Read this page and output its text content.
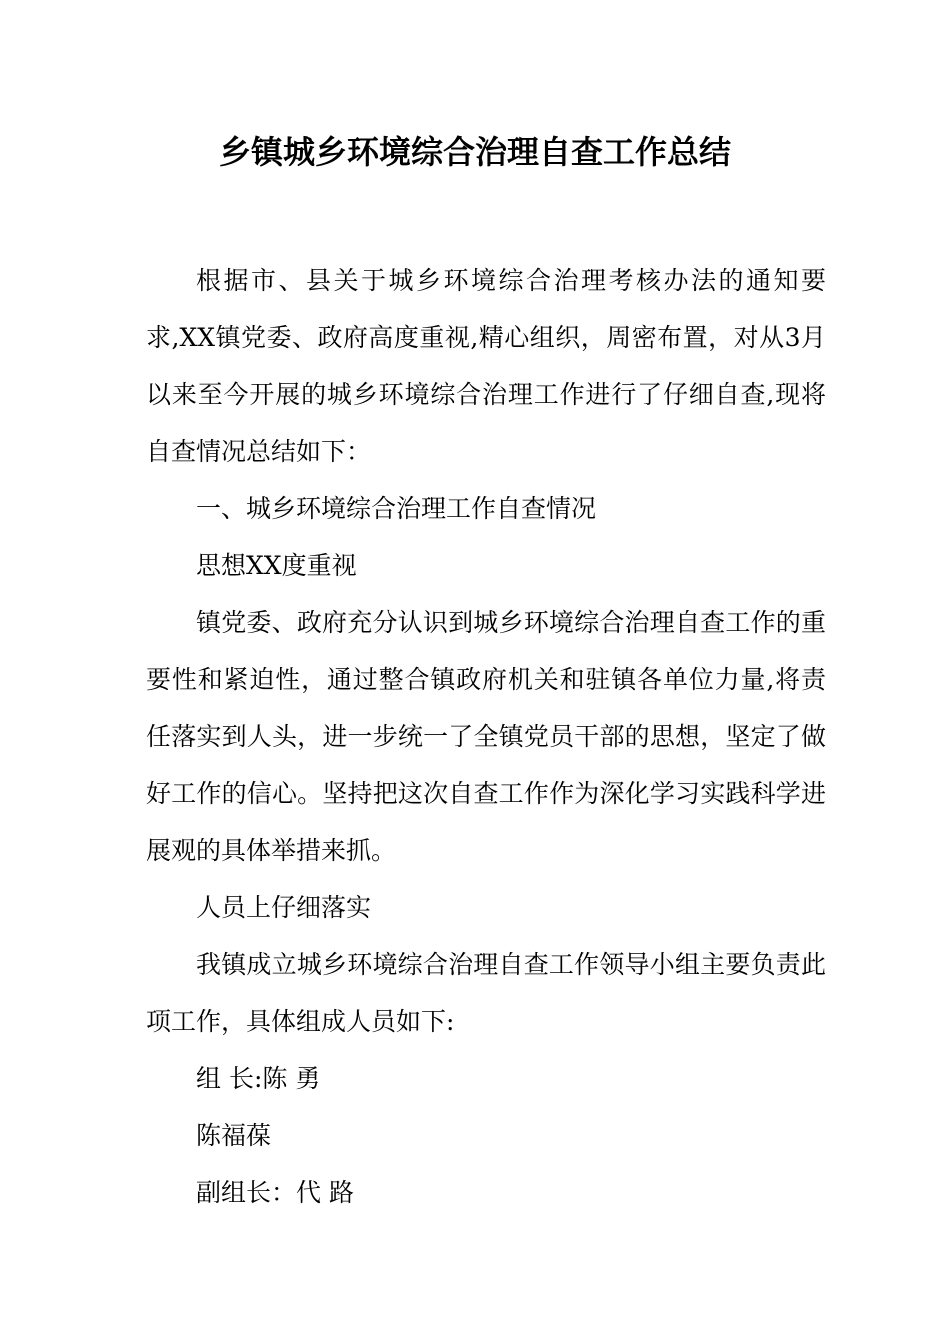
乡镇城乡环境综合治理自查工作总结

根据市、县关于城乡环境综合治理考核办法的通知要求,XX镇党委、政府高度重视,精心组织，周密布置，对从3月以来至今开展的城乡环境综合治理工作进行了仔细自查,现将自查情况总结如下：

一、城乡环境综合治理工作自查情况

思想XX度重视

镇党委、政府充分认识到城乡环境综合治理自查工作的重要性和紧迫性，通过整合镇政府机关和驻镇各单位力量,将责任落实到人头，进一步统一了全镇党员干部的思想，坚定了做好工作的信心。坚持把这次自查工作作为深化学习实践科学进展观的具体举措来抓。

人员上仔细落实

我镇成立城乡环境综合治理自查工作领导小组主要负责此项工作，具体组成人员如下:

组 长:陈 勇

陈福葆

副组长：代 路
